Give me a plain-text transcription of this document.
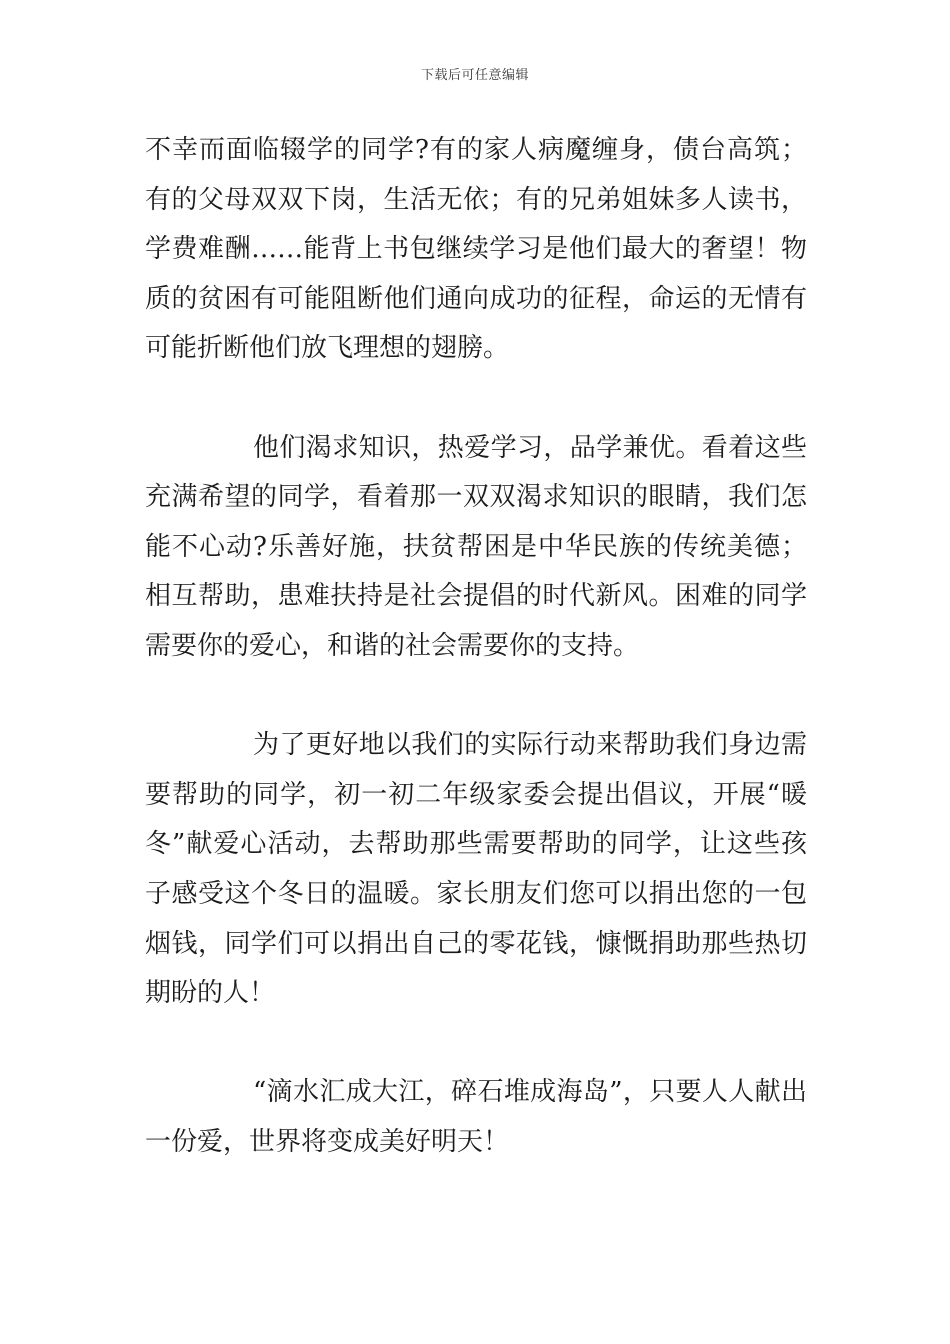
下载后可任意编辑

不幸而面临辍学的同学?有的家人病魔缠身，债台高筑；有的父母双双下岗，生活无依；有的兄弟姐妹多人读书，学费难酬……能背上书包继续学习是他们最大的奢望！物质的贫困有可能阻断他们通向成功的征程，命运的无情有可能折断他们放飞理想的翅膀。

他们渴求知识，热爱学习，品学兼优。看着这些充满希望的同学，看着那一双双渴求知识的眼睛，我们怎能不心动?乐善好施，扶贫帮困是中华民族的传统美德；相互帮助，患难扶持是社会提倡的时代新风。困难的同学需要你的爱心，和谐的社会需要你的支持。

为了更好地以我们的实际行动来帮助我们身边需要帮助的同学，初一初二年级家委会提出倡议，开展“暖冬”献爱心活动，去帮助那些需要帮助的同学，让这些孩子感受这个冬日的温暖。家长朋友们您可以捐出您的一包烟钱，同学们可以捐出自己的零花钱，慷慨捐助那些热切期盼的人！

“滴水汇成大江，碎石堆成海岛”，只要人人献出一份爱，世界将变成美好明天！
